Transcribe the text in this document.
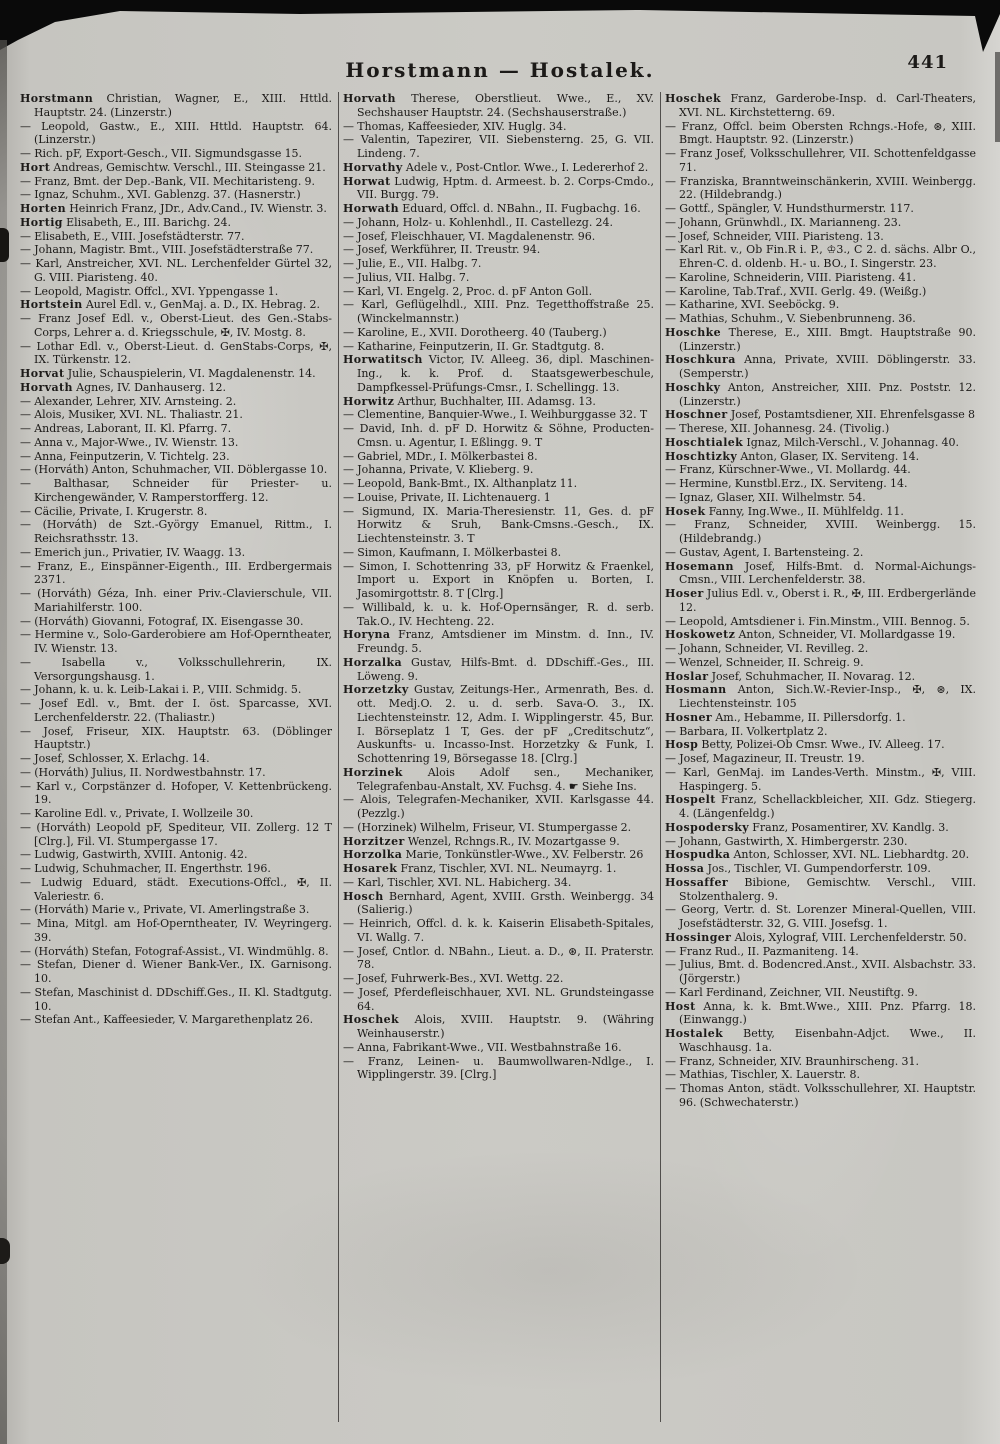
Horstmann — Hostalek.	441

Horstmann Christian, Wagner, E., XIII. Httld. Hauptstr. 24. (Linzerstr.)

— Leopold, Gastw., E., XIII. Httld. Hauptstr. 64. (Linzerstr.)

— Rich. pF, Export-Gesch., VII. Sigmundsgasse 15.

Hort Andreas, Gemischtw. Verschl., III. Steingasse 21.

— Franz, Bmt. der Dep.-Bank, VII. Mechitaristeng. 9.

— Ignaz, Schuhm., XVI. Gablenzg. 37. (Hasnerstr.)

Horten Heinrich Franz, JDr., Adv.Cand., IV. Wienstr. 3.

Hortig Elisabeth, E., III. Barichg. 24.

— Elisabeth, E., VIII. Josefstädterstr. 77.

— Johann, Magistr. Bmt., VIII. Josefstädterstraße 77.

— Karl, Anstreicher, XVI. NL. Lerchenfelder Gürtel 32, G. VIII. Piaristeng. 40.

— Leopold, Magistr. Offcl., XVI. Yppengasse 1.

Hortstein Aurel Edl. v., GenMaj. a. D., IX. Hebrag. 2.

— Franz Josef Edl. v., Oberst-Lieut. des Gen.-Stabs-Corps, Lehrer a. d. Kriegsschule, ✠, IV. Mostg. 8.

— Lothar Edl. v., Oberst-Lieut. d. GenStabs-Corps, ✠, IX. Türkenstr. 12.

Horvat Julie, Schauspielerin, VI. Magdalenenstr. 14.

Horvath Agnes, IV. Danhauserg. 12.

— Alexander, Lehrer, XIV. Arnsteing. 2.

— Alois, Musiker, XVI. NL. Thaliastr. 21.

— Andreas, Laborant, II. Kl. Pfarrg. 7.

— Anna v., Major-Wwe., IV. Wienstr. 13.

— Anna, Feinputzerin, V. Tichtelg. 23.

— (Horváth) Anton, Schuhmacher, VII. Döblergasse 10.

— Balthasar, Schneider für Priester- u. Kirchengewänder, V. Ramperstorfferg. 12.

— Cäcilie, Private, I. Krugerstr. 8.

— (Horváth) de Szt.-György Emanuel, Rittm., I. Reichsrathsstr. 13.

— Emerich jun., Privatier, IV. Waagg. 13.

— Franz, E., Einspänner-Eigenth., III. Erdbergermais 2371.

— (Horváth) Géza, Inh. einer Priv.-Clavierschule, VII. Mariahilferstr. 100.

— (Horváth) Giovanni, Fotograf, IX. Eisengasse 30.

— Hermine v., Solo-Garderobiere am Hof-Operntheater, IV. Wienstr. 13.

— Isabella v., Volksschullehrerin, IX. Versorgungshausg. 1.

— Johann, k. u. k. Leib-Lakai i. P., VIII. Schmidg. 5.

— Josef Edl. v., Bmt. der I. öst. Sparcasse, XVI. Lerchenfelderstr. 22. (Thaliastr.)

— Josef, Friseur, XIX. Hauptstr. 63. (Döblinger Hauptstr.)

— Josef, Schlosser, X. Erlachg. 14.

— (Horváth) Julius, II. Nordwestbahnstr. 17.

— Karl v., Corpstänzer d. Hofoper, V. Kettenbrückeng. 19.

— Karoline Edl. v., Private, I. Wollzeile 30.

— (Horváth) Leopold pF, Spediteur, VII. Zollerg. 12 T [Clrg.], Fil. VI. Stumpergasse 17.

— Ludwig, Gastwirth, XVIII. Antonig. 42.

— Ludwig, Schuhmacher, II. Engerthstr. 196.

— Ludwig Eduard, städt. Executions-Offcl., ✠, II. Valeriestr. 6.

— (Horváth) Marie v., Private, VI. Amerlingstraße 3.

— Mina, Mitgl. am Hof-Operntheater, IV. Weyringerg. 39.

— (Horváth) Stefan, Fotograf-Assist., VI. Windmühlg. 8.

— Stefan, Diener d. Wiener Bank-Ver., IX. Garnisong. 10.

— Stefan, Maschinist d. DDschiff.Ges., II. Kl. Stadtgutg. 10.

— Stefan Ant., Kaffeesieder, V. Margarethenplatz 26.

Horvath Therese, Oberstlieut. Wwe., E., XV. Sechshauser Hauptstr. 24. (Sechshauserstraße.)

— Thomas, Kaffeesieder, XIV. Huglg. 34.

— Valentin, Tapezirer, VII. Siebensterng. 25, G. VII. Lindeng. 7.

Horvathy Adele v., Post-Cntlor. Wwe., I. Ledererhof 2.

Horwat Ludwig, Hptm. d. Armeest. b. 2. Corps-Cmdo., VII. Burgg. 79.

Horwath Eduard, Offcl. d. NBahn., II. Fugbachg. 16.

— Johann, Holz- u. Kohlenhdl., II. Castellezg. 24.

— Josef, Fleischhauer, VI. Magdalenenstr. 96.

— Josef, Werkführer, II. Treustr. 94.

— Julie, E., VII. Halbg. 7.

— Julius, VII. Halbg. 7.

— Karl, VI. Engelg. 2, Proc. d. pF Anton Goll.

— Karl, Geflügelhdl., XIII. Pnz. Tegetthoffstraße 25. (Winckelmannstr.)

— Karoline, E., XVII. Dorotheerg. 40 (Tauberg.)

— Katharine, Feinputzerin, II. Gr. Stadtgutg. 8.

Horwatitsch Victor, IV. Alleeg. 36, dipl. Maschinen-Ing., k. k. Prof. d. Staatsgewerbeschule, Dampfkessel-Prüfungs-Cmsr., I. Schellingg. 13.

Horwitz Arthur, Buchhalter, III. Adamsg. 13.

— Clementine, Banquier-Wwe., I. Weihburggasse 32. T

— David, Inh. d. pF D. Horwitz & Söhne, Producten-Cmsn. u. Agentur, I. Eßlingg. 9. T

— Gabriel, MDr., I. Mölkerbastei 8.

— Johanna, Private, V. Klieberg. 9.

— Leopold, Bank-Bmt., IX. Althanplatz 11.

— Louise, Private, II. Lichtenauerg. 1

— Sigmund, IX. Maria-Theresienstr. 11, Ges. d. pF Horwitz & Sruh, Bank-Cmsns.-Gesch., IX. Liechtensteinstr. 3. T

— Simon, Kaufmann, I. Mölkerbastei 8.

— Simon, I. Schottenring 33, pF Horwitz & Fraenkel, Import u. Export in Knöpfen u. Borten, I. Jasomirgottstr. 8. T [Clrg.]

— Willibald, k. u. k. Hof-Opernsänger, R. d. serb. Tak.O., IV. Hechteng. 22.

Horyna Franz, Amtsdiener im Minstm. d. Inn., IV. Freundg. 5.

Horzalka Gustav, Hilfs-Bmt. d. DDschiff.-Ges., III. Löweng. 9.

Horzetzky Gustav, Zeitungs-Her., Armenrath, Bes. d. ott. Medj.O. 2. u. d. serb. Sava-O. 3., IX. Liechtensteinstr. 12, Adm. I. Wipplingerstr. 45, Bur. I. Börseplatz 1 T, Ges. der pF „Creditschutz“, Auskunfts- u. Incasso-Inst. Horzetzky & Funk, I. Schottenring 19, Börsegasse 18. [Clrg.]

Horzinek Alois Adolf sen., Mechaniker, Telegrafenbau-Anstalt, XV. Fuchsg. 4. ☛ Siehe Ins.

— Alois, Telegrafen-Mechaniker, XVII. Karlsgasse 44. (Pezzlg.)

— (Horzinek) Wilhelm, Friseur, VI. Stumpergasse 2.

Horzitzer Wenzel, Rchngs.R., IV. Mozartgasse 9.

Horzolka Marie, Tonkünstler-Wwe., XV. Felberstr. 26

Hosarek Franz, Tischler, XVI. NL. Neumayrg. 1.

— Karl, Tischler, XVI. NL. Habicherg. 34.

Hosch Bernhard, Agent, XVIII. Grsth. Weinbergg. 34 (Salierig.)

— Heinrich, Offcl. d. k. k. Kaiserin Elisabeth-Spitales, VI. Wallg. 7.

— Josef, Cntlor. d. NBahn., Lieut. a. D., ⊛, II. Praterstr. 78.

— Josef, Fuhrwerk-Bes., XVI. Wettg. 22.

— Josef, Pferdefleischhauer, XVI. NL. Grundsteingasse 64.

Hoschek Alois, XVIII. Hauptstr. 9. (Währing Weinhauserstr.)

— Anna, Fabrikant-Wwe., VII. Westbahnstraße 16.

— Franz, Leinen- u. Baumwollwaren-Ndlge., I. Wipplingerstr. 39. [Clrg.]

Hoschek Franz, Garderobe-Insp. d. Carl-Theaters, XVI. NL. Kirchstetterng. 69.

— Franz, Offcl. beim Obersten Rchngs.-Hofe, ⊛, XIII. Bmgt. Hauptstr. 92. (Linzerstr.)

— Franz Josef, Volksschullehrer, VII. Schottenfeldgasse 71.

— Franziska, Branntweinschänkerin, XVIII. Weinbergg. 22. (Hildebrandg.)

— Gottf., Spängler, V. Hundsthurmerstr. 117.

— Johann, Grünwhdl., IX. Marianneng. 23.

— Josef, Schneider, VIII. Piaristeng. 13.

— Karl Rit. v., Ob Fin.R i. P., ♔3., C 2. d. sächs. Albr O., Ehren-C. d. oldenb. H.- u. BO., I. Singerstr. 23.

— Karoline, Schneiderin, VIII. Piaristeng. 41.

— Karoline, Tab.Traf., XVII. Gerlg. 49. (Weißg.)

— Katharine, XVI. Seeböckg. 9.

— Mathias, Schuhm., V. Siebenbrunneng. 36.

Hoschke Therese, E., XIII. Bmgt. Hauptstraße 90. (Linzerstr.)

Hoschkura Anna, Private, XVIII. Döblingerstr. 33. (Semperstr.)

Hoschky Anton, Anstreicher, XIII. Pnz. Poststr. 12. (Linzerstr.)

Hoschner Josef, Postamtsdiener, XII. Ehrenfelsgasse 8

— Therese, XII. Johannesg. 24. (Tivolig.)

Hoschtialek Ignaz, Milch-Verschl., V. Johannag. 40.

Hoschtizky Anton, Glaser, IX. Serviteng. 14.

— Franz, Kürschner-Wwe., VI. Mollardg. 44.

— Hermine, Kunstbl.Erz., IX. Serviteng. 14.

— Ignaz, Glaser, XII. Wilhelmstr. 54.

Hosek Fanny, Ing.Wwe., II. Mühlfeldg. 11.

— Franz, Schneider, XVIII. Weinbergg. 15. (Hildebrandg.)

— Gustav, Agent, I. Bartensteing. 2.

Hosemann Josef, Hilfs-Bmt. d. Normal-Aichungs-Cmsn., VIII. Lerchenfelderstr. 38.

Hoser Julius Edl. v., Oberst i. R., ✠, III. Erdbergerlände 12.

— Leopold, Amtsdiener i. Fin.Minstm., VIII. Bennog. 5.

Hoskowetz Anton, Schneider, VI. Mollardgasse 19.

— Johann, Schneider, VI. Revilleg. 2.

— Wenzel, Schneider, II. Schreig. 9.

Hoslar Josef, Schuhmacher, II. Novarag. 12.

Hosmann Anton, Sich.W.-Revier-Insp., ✠, ⊛, IX. Liechtensteinstr. 105

Hosner Am., Hebamme, II. Pillersdorfg. 1.

— Barbara, II. Volkertplatz 2.

Hosp Betty, Polizei-Ob Cmsr. Wwe., IV. Alleeg. 17.

— Josef, Magazineur, II. Treustr. 19.

— Karl, GenMaj. im Landes-Verth. Minstm., ✠, VIII. Haspingerg. 5.

Hospelt Franz, Schellackbleicher, XII. Gdz. Stiegerg. 4. (Längenfeldg.)

Hospodersky Franz, Posamentirer, XV. Kandlg. 3.

— Johann, Gastwirth, X. Himbergerstr. 230.

Hospudka Anton, Schlosser, XVI. NL. Liebhardtg. 20.

Hossa Jos., Tischler, VI. Gumpendorferstr. 109.

Hossaffer Bibione, Gemischtw. Verschl., VIII. Stolzenthalerg. 9.

— Georg, Vertr. d. St. Lorenzer Mineral-Quellen, VIII. Josefstädterstr. 32, G. VIII. Josefsg. 1.

Hossinger Alois, Xylograf, VIII. Lerchenfelderstr. 50.

— Franz Rud., II. Pazmaniteng. 14.

— Julius, Bmt. d. Bodencred.Anst., XVII. Alsbachstr. 33. (Jörgerstr.)

— Karl Ferdinand, Zeichner, VII. Neustiftg. 9.

Host Anna, k. k. Bmt.Wwe., XIII. Pnz. Pfarrg. 18. (Einwangg.)

Hostalek Betty, Eisenbahn-Adjct. Wwe., II. Waschhausg. 1a.

— Franz, Schneider, XIV. Braunhirscheng. 31.

— Mathias, Tischler, X. Lauerstr. 8.

— Thomas Anton, städt. Volksschullehrer, XI. Hauptstr. 96. (Schwechaterstr.)
